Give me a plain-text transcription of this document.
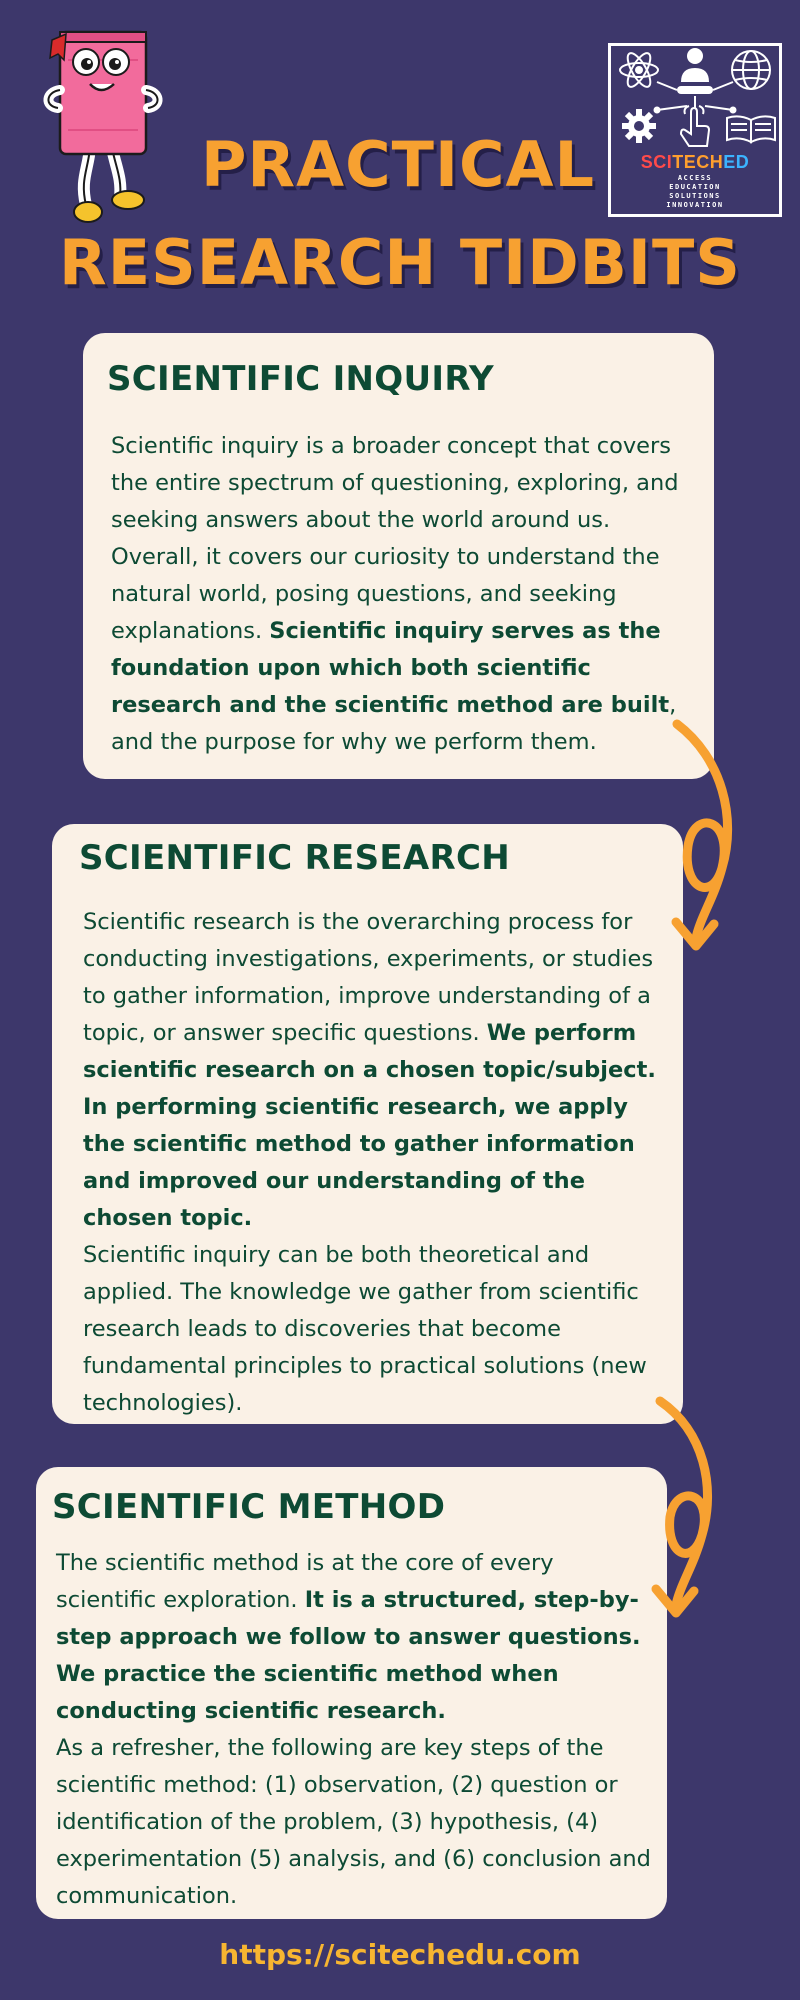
SCITECHED
ACCESS
EDUCATION
SOLUTIONS
INNOVATION
PRACTICAL
RESEARCH TIDBITS
SCIENTIFIC INQUIRY

Scientific inquiry is a broader concept that covers the entire spectrum of questioning, exploring, and seeking answers about the world around us. Overall, it covers our curiosity to understand the natural world, posing questions, and seeking explanations. Scientific inquiry serves as the foundation upon which both scientific research and the scientific method are built, and the purpose for why we perform them.

SCIENTIFIC RESEARCH

Scientific research is the overarching process for conducting investigations, experiments, or studies to gather information, improve understanding of a topic, or answer specific questions. We perform scientific research on a chosen topic/subject. In performing scientific research, we apply the scientific method to gather information and improved our understanding of the chosen topic.
Scientific inquiry can be both theoretical and applied. The knowledge we gather from scientific research leads to discoveries that become fundamental principles to practical solutions (new technologies).

SCIENTIFIC METHOD

The scientific method is at the core of every scientific exploration. It is a structured, step-by-step approach we follow to answer questions. We practice the scientific method when conducting scientific research.
As a refresher, the following are key steps of the scientific method: (1) observation, (2) question or identification of the problem, (3) hypothesis, (4) experimentation (5) analysis, and (6) conclusion and communication.

https://scitechedu.com
